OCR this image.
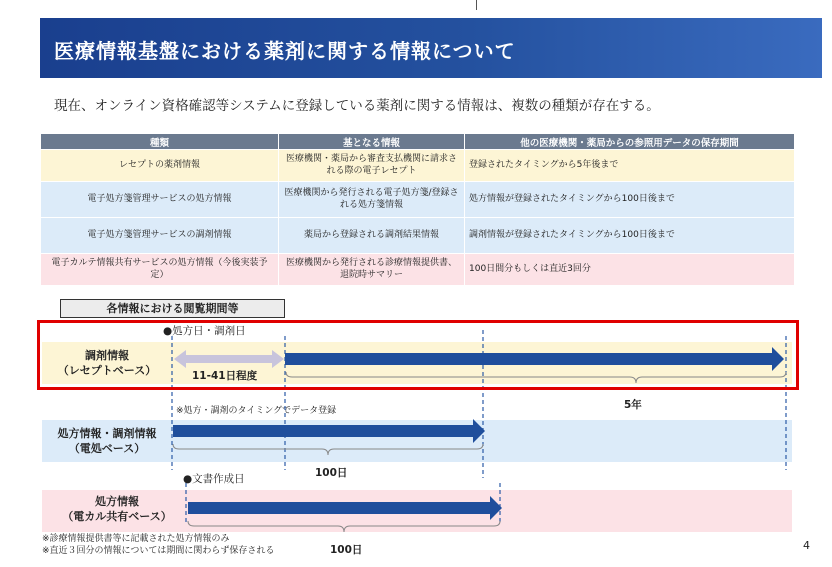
医療情報基盤における薬剤に関する情報について
現在、オンライン資格確認等システムに登録している薬剤に関する情報は、複数の種類が存在する。
種類	基となる情報	他の医療機関・薬局からの参照用データの保存期間
レセプトの薬剤情報	医療機関・薬局から審査支払機関に請求される際の電子レセプト	登録されたタイミングから5年後まで
電子処方箋管理サービスの処方情報	医療機関から発行される電子処方箋/登録される処方箋情報	処方情報が登録されたタイミングから100日後まで
電子処方箋管理サービスの調剤情報	薬局から登録される調剤結果情報	調剤情報が登録されたタイミングから100日後まで
電子カルテ情報共有サービスの処方情報（今後実装予定）	医療機関から発行される診療情報提供書、退院時サマリー	100日間分もしくは直近3回分
各情報における閲覧期間等
調剤情報
（レセプトベース）
処方情報・調剤情報
（電処ベース）
処方情報
（電カル共有ベース）
●処方日・調剤日
11-41日程度
5年
※処方・調剤のタイミングでデータ登録
100日
●文書作成日
※診療情報提供書等に記載された処方情報のみ
※直近３回分の情報については期間に関わらず保存される	100日	4
